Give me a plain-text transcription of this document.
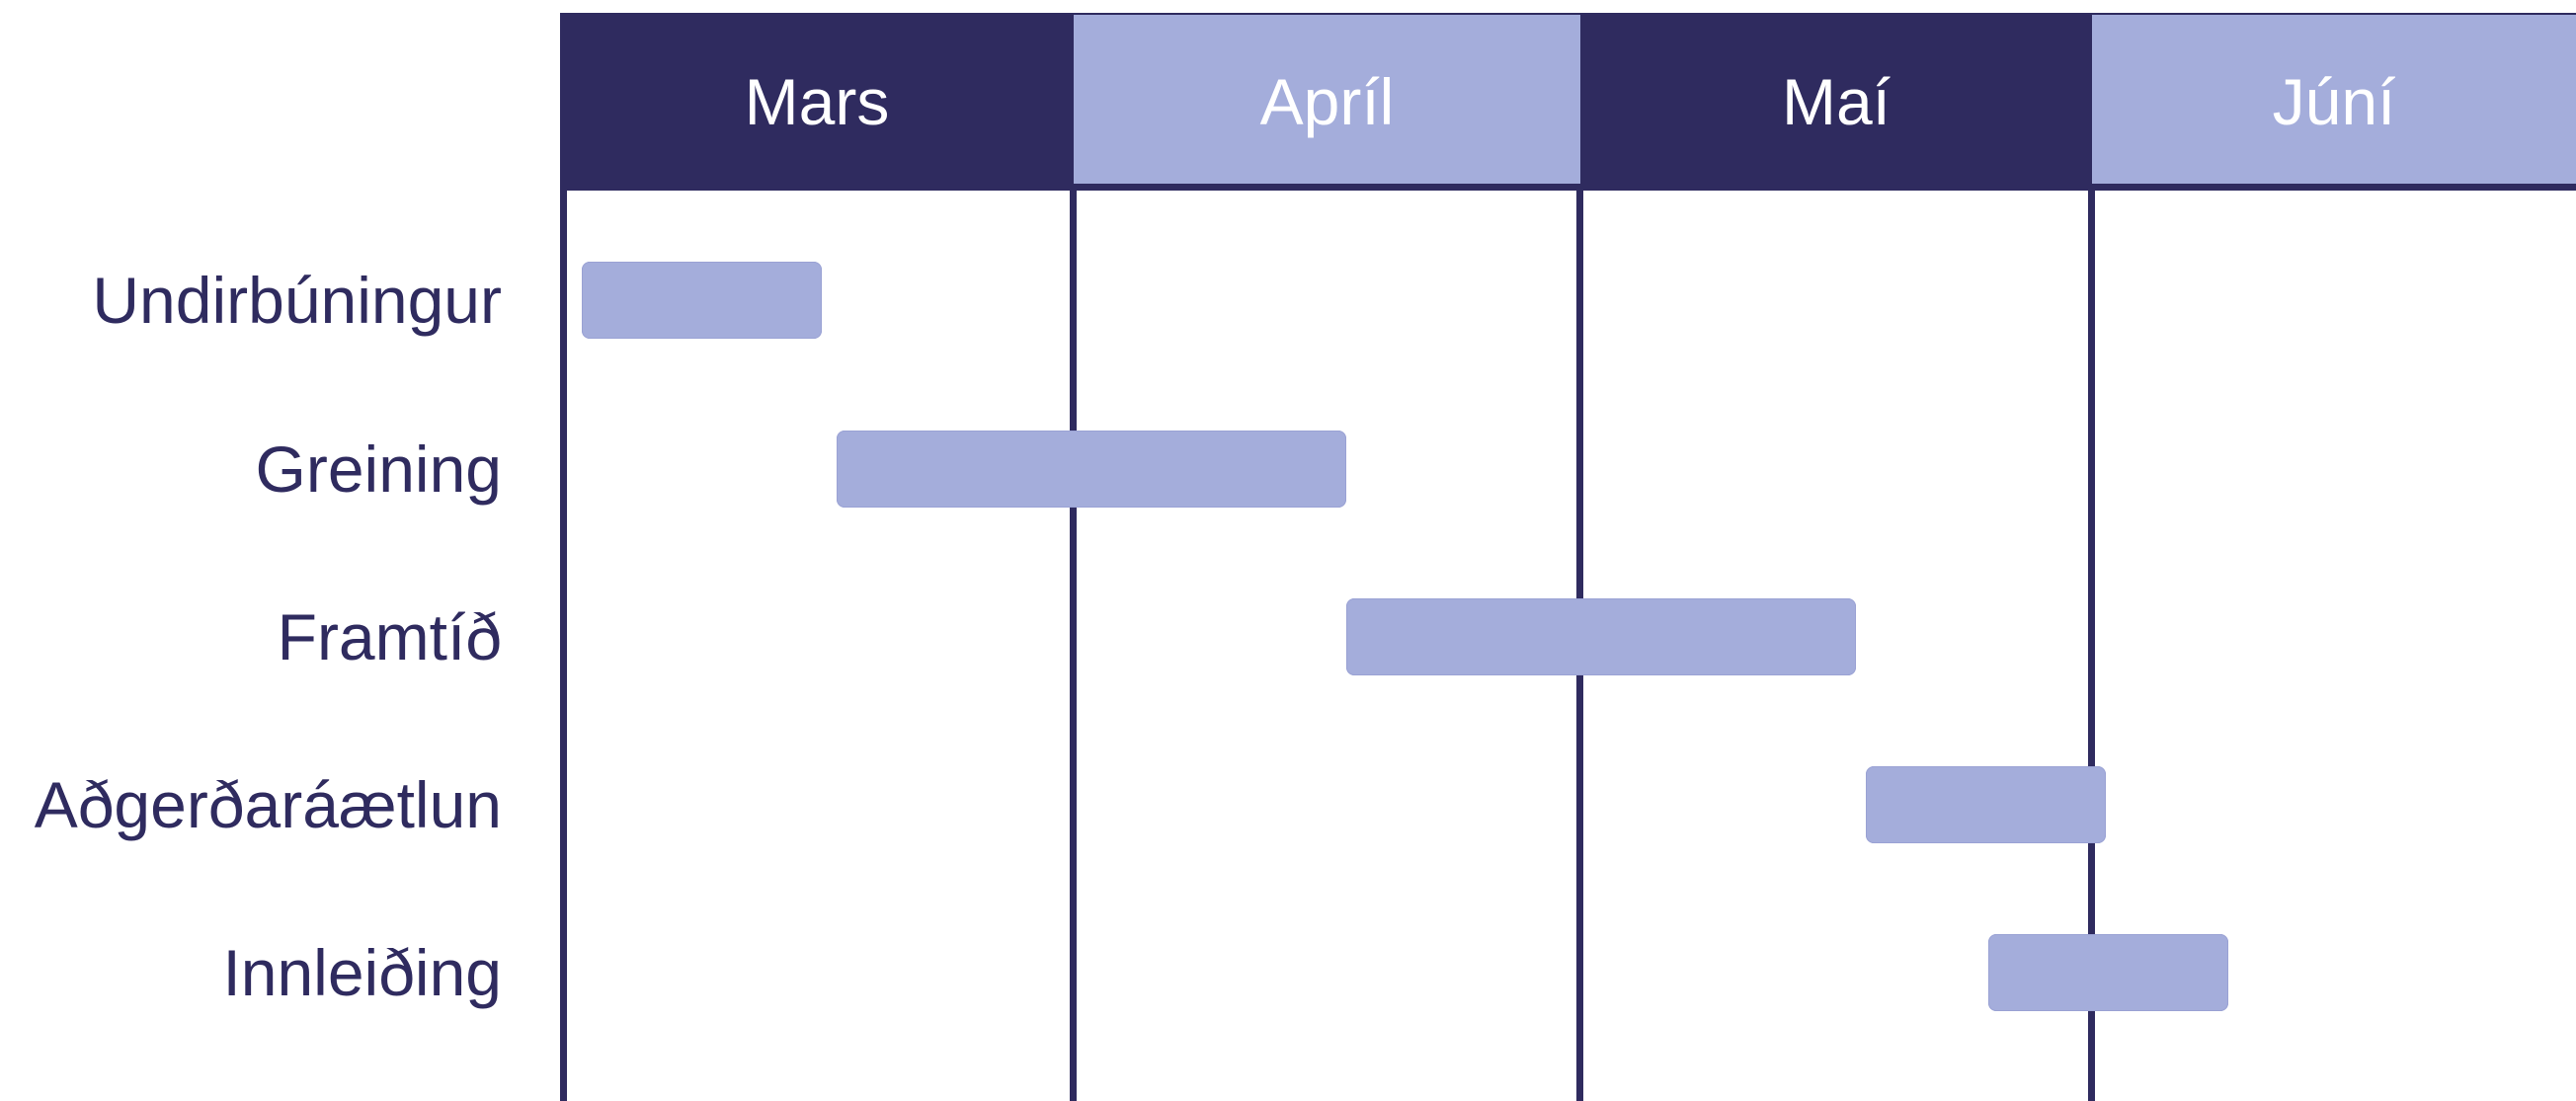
Mars	Apríl	Maí	Júní
Undirbúningur
Greining
Framtíð
Aðgerðaráætlun
Innleiðing
